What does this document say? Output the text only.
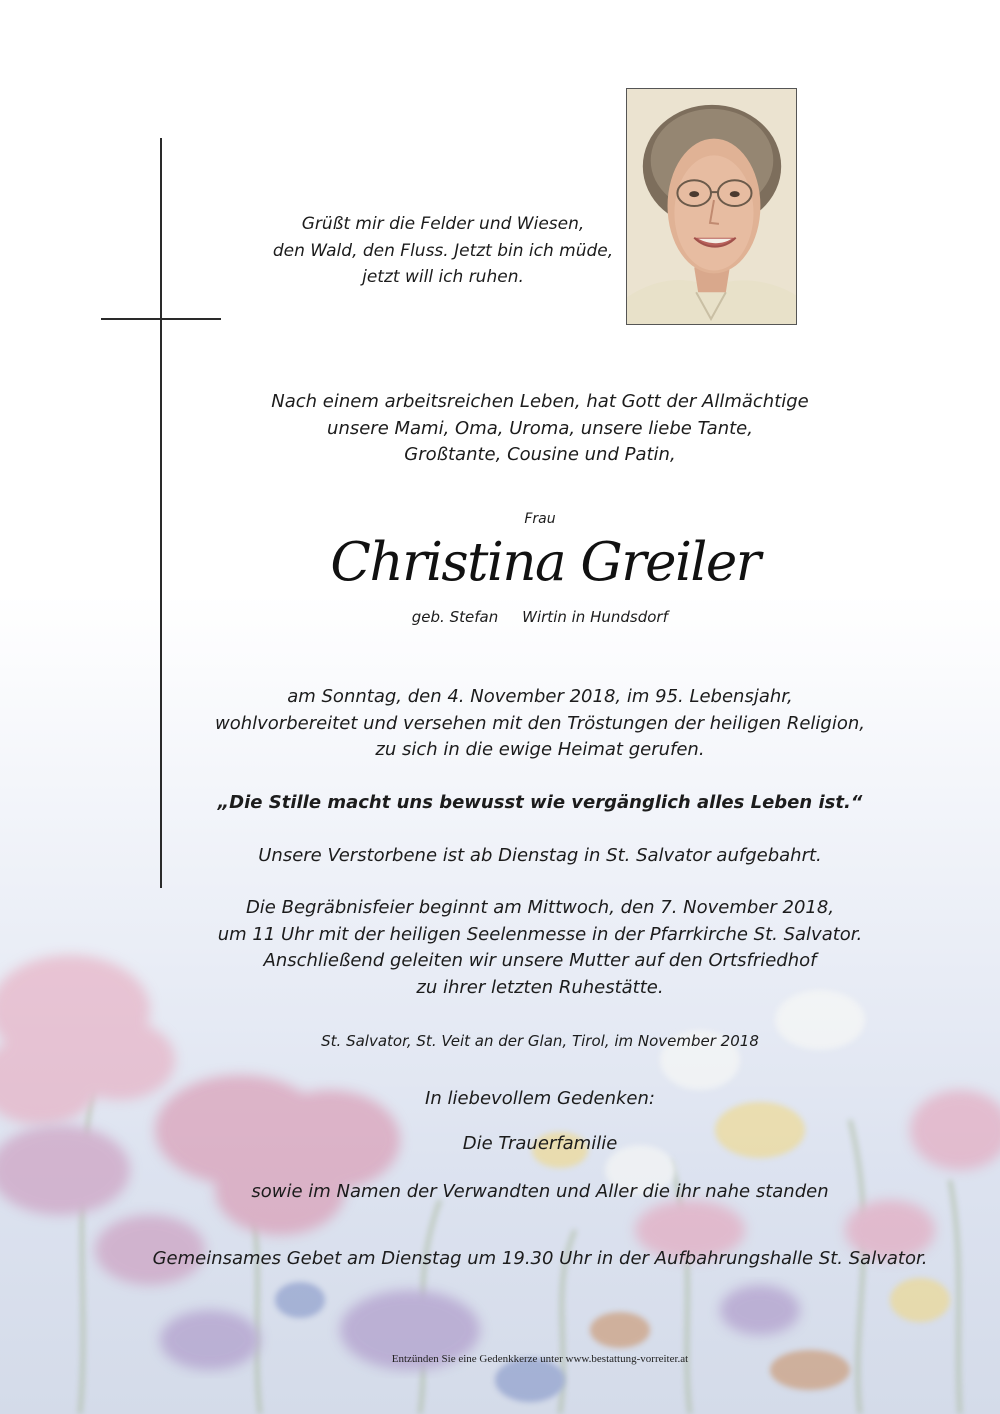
Grüßt mir die Felder und Wiesen,
den Wald, den Fluss. Jetzt bin ich müde,
jetzt will ich ruhen.
Nach einem arbeitsreichen Leben, hat Gott der Allmächtige
unsere Mami, Oma, Uroma, unsere liebe Tante,
Großtante, Cousine und Patin,
Frau
Christina Greiler
geb. Stefan	Wirtin in Hundsdorf
am Sonntag, den 4. November 2018, im 95. Lebensjahr,
wohlvorbereitet und versehen mit den Tröstungen der heiligen Religion,
zu sich in die ewige Heimat gerufen.
„Die Stille macht uns bewusst wie vergänglich alles Leben ist.“
Unsere Verstorbene ist ab Dienstag in St. Salvator aufgebahrt.
Die Begräbnisfeier beginnt am Mittwoch, den 7. November 2018,
um 11 Uhr mit der heiligen Seelenmesse in der Pfarrkirche St. Salvator.
Anschließend geleiten wir unsere Mutter auf den Ortsfriedhof
zu ihrer letzten Ruhestätte.
St. Salvator, St. Veit an der Glan, Tirol, im November 2018
In liebevollem Gedenken:
Die Trauerfamilie
sowie im Namen der Verwandten und Aller die ihr nahe standen
Gemeinsames Gebet am Dienstag um 19.30 Uhr in der Aufbahrungshalle St. Salvator.
Entzünden Sie eine Gedenkkerze unter www.bestattung-vorreiter.at
